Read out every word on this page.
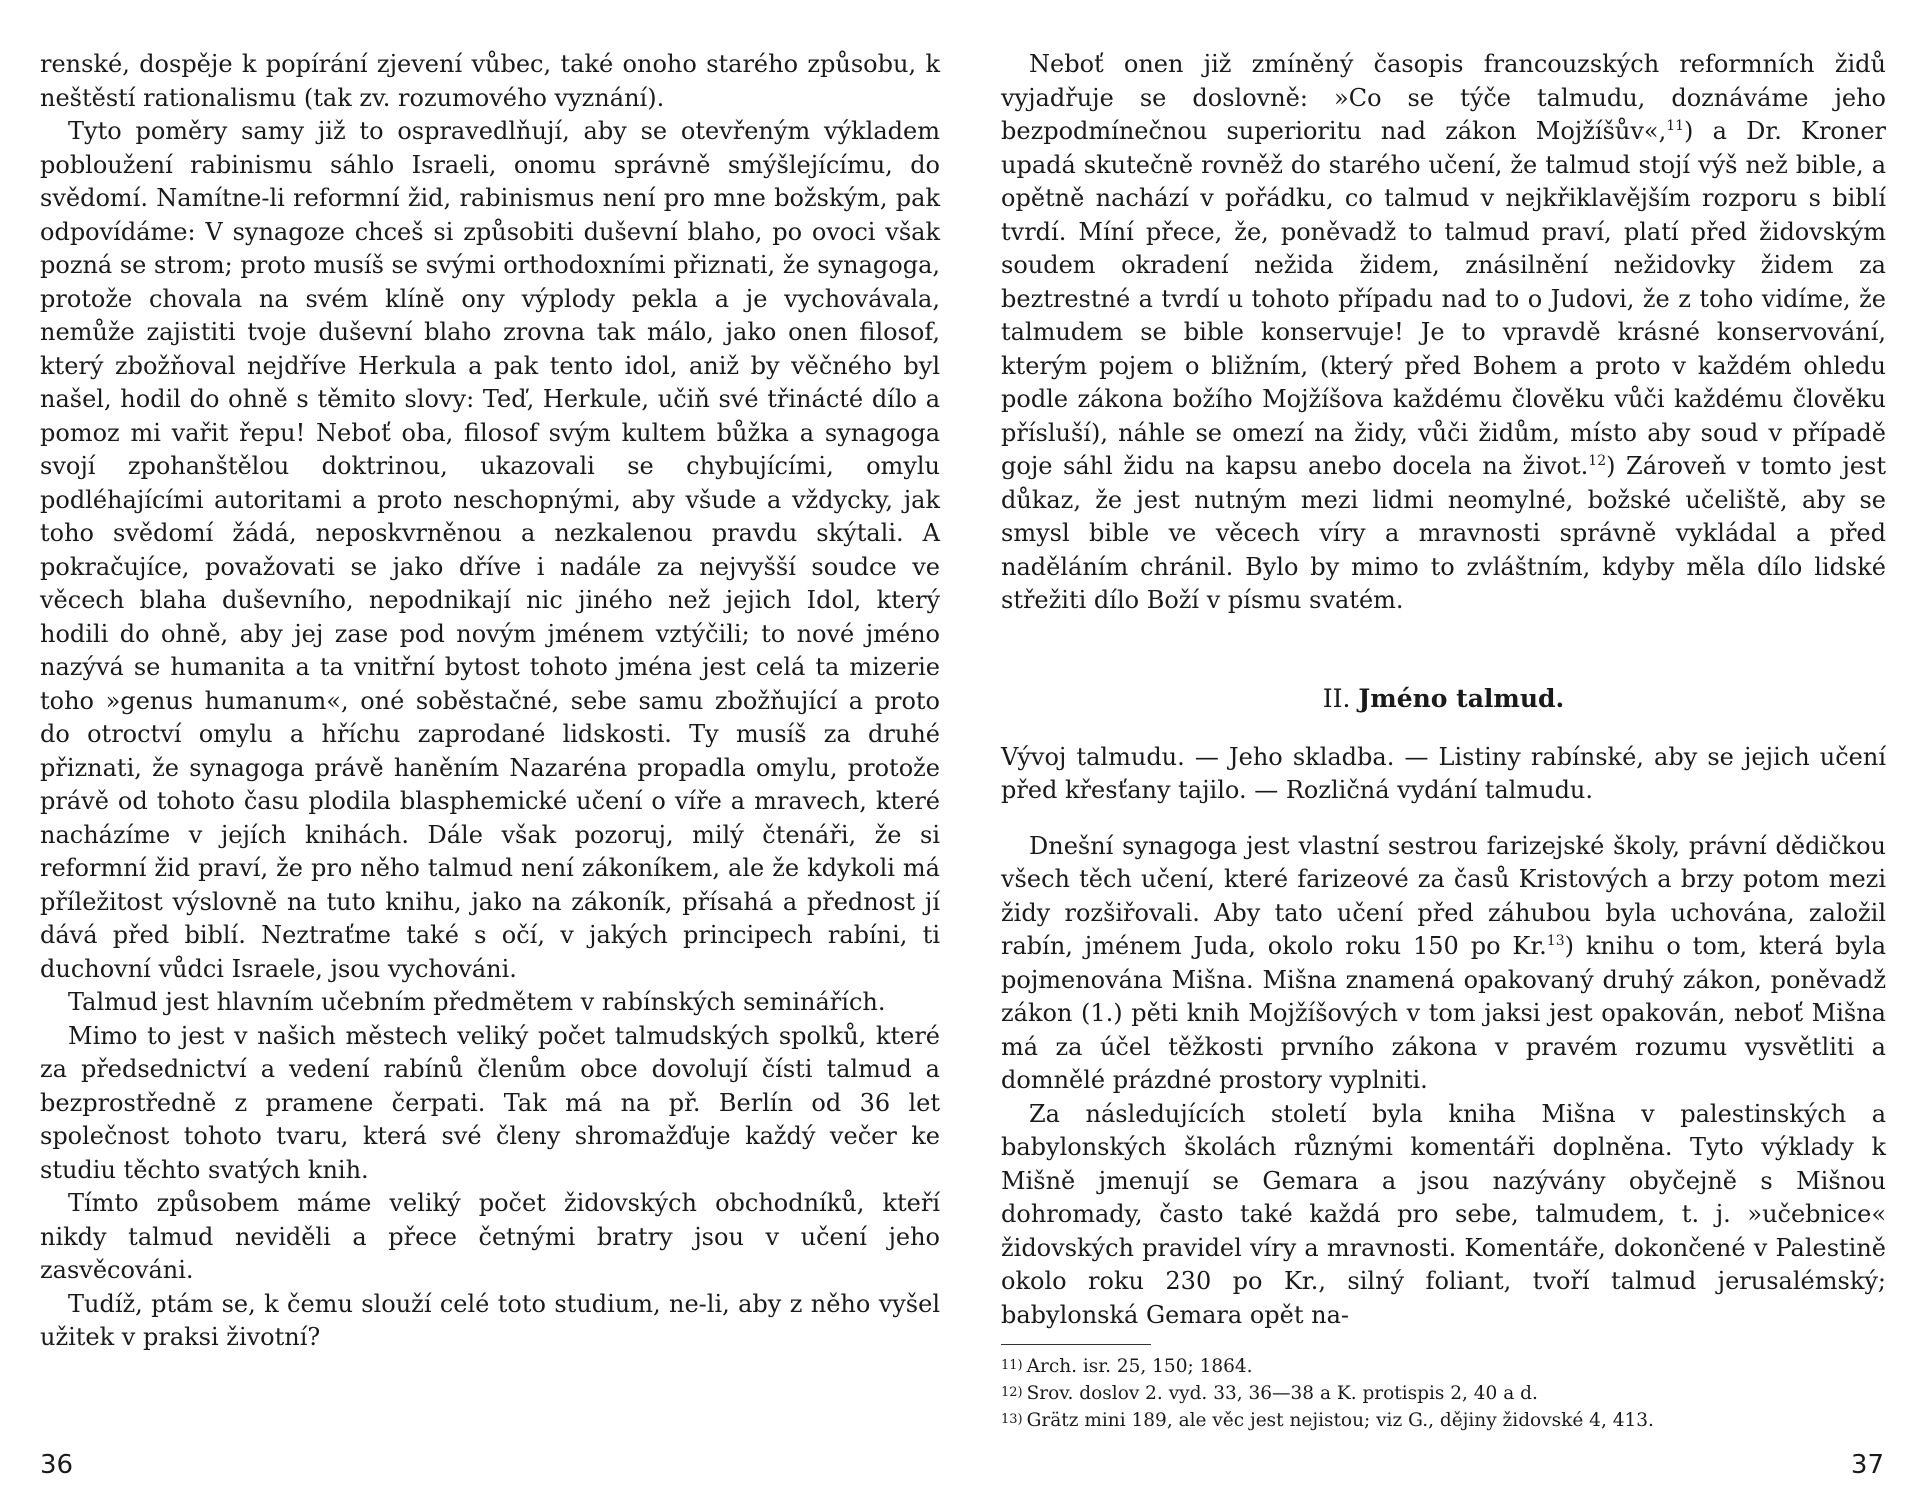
renské, dospěje k popírání zjevení vůbec, také onoho starého způsobu, k neštěstí rationalismu (tak zv. rozumového vyznání).

Tyto poměry samy již to ospravedlňují, aby se otevřeným výkladem pobloužení rabinismu sáhlo Israeli, onomu správně smýšlejícímu, do svědomí. Namítne-li reformní žid, rabinismus není pro mne božským, pak odpovídáme: V synagoze chceš si způsobiti duševní blaho, po ovoci však pozná se strom; proto musíš se svými orthodoxními přiznati, že synagoga, protože chovala na svém klíně ony výplody pekla a je vychovávala, nemůže zajistiti tvoje duševní blaho zrovna tak málo, jako onen filosof, který zbožňoval nejdříve Herkula a pak tento idol, aniž by věčného byl našel, hodil do ohně s těmito slovy: Teď, Herkule, učiň své třinácté dílo a pomoz mi vařit řepu! Neboť oba, filosof svým kultem bůžka a synagoga svojí zpohanštělou doktrinou, ukazovali se chybujícími, omylu podléhajícími autoritami a proto neschopnými, aby všude a vždycky, jak toho svědomí žádá, neposkvrněnou a nezkalenou pravdu skýtali. A pokračujíce, považovati se jako dříve i nadále za nejvyšší soudce ve věcech blaha duševního, nepodnikají nic jiného než jejich Idol, který hodili do ohně, aby jej zase pod novým jménem vztýčili; to nové jméno nazývá se humanita a ta vnitřní bytost tohoto jména jest celá ta mizerie toho »genus humanum«, oné soběstačné, sebe samu zbožňující a proto do otroctví omylu a hříchu zaprodané lidskosti. Ty musíš za druhé přiznati, že synagoga právě haněním Nazaréna propadla omylu, protože právě od tohoto času plodila blasphemické učení o víře a mravech, které nacházíme v jejích knihách. Dále však pozoruj, milý čtenáři, že si reformní žid praví, že pro něho talmud není zákoníkem, ale že kdykoli má příležitost výslovně na tuto knihu, jako na zákoník, přísahá a přednost jí dává před biblí. Neztraťme také s očí, v jakých principech rabíni, ti duchovní vůdci Israele, jsou vychováni.

Talmud jest hlavním učebním předmětem v rabínských seminářích.

Mimo to jest v našich městech veliký počet talmudských spolků, které za předsednictví a vedení rabínů členům obce dovolují čísti talmud a bezprostředně z pramene čerpati. Tak má na př. Berlín od 36 let společnost tohoto tvaru, která své členy shromažďuje každý večer ke studiu těchto svatých knih.

Tímto způsobem máme veliký počet židovských obchodníků, kteří nikdy talmud neviděli a přece četnými bratry jsou v učení jeho zasvěcováni.

Tudíž, ptám se, k čemu slouží celé toto studium, ne-li, aby z něho vyšel užitek v praksi životní?

36

Neboť onen již zmíněný časopis francouzských reformních židů vyjadřuje se doslovně: »Co se týče talmudu, doznáváme jeho bezpodmínečnou superioritu nad zákon Mojžíšův«,$^{11}$) a Dr. Kroner upadá skutečně rovněž do starého učení, že talmud stojí výš než bible, a opětně nachází v pořádku, co talmud v nejkřiklavějším rozporu s biblí tvrdí. Míní přece, že, poněvadž to talmud praví, platí před židovským soudem okradení nežida židem, znásilnění nežidovky židem za beztrestné a tvrdí u tohoto případu nad to o Judovi, že z toho vidíme, že talmudem se bible konservuje! Je to vpravdě krásné konservování, kterým pojem o bližním, (který před Bohem a proto v každém ohledu podle zákona božího Mojžíšova každému člověku vůči každému člověku přísluší), náhle se omezí na židy, vůči židům, místo aby soud v případě goje sáhl židu na kapsu anebo docela na život.$^{12}$) Zároveň v tomto jest důkaz, že jest nutným mezi lidmi neomylné, božské učeliště, aby se smysl bible ve věcech víry a mravnosti správně vykládal a před naděláním chránil. Bylo by mimo to zvláštním, kdyby měla dílo lidské střežiti dílo Boží v písmu svatém.

II. Jméno talmud.

Vývoj talmudu. — Jeho skladba. — Listiny rabínské, aby se jejich učení před křesťany tajilo. — Rozličná vydání talmudu.

Dnešní synagoga jest vlastní sestrou farizejské školy, právní dědičkou všech těch učení, které farizeové za časů Kristových a brzy potom mezi židy rozšiřovali. Aby tato učení před záhubou byla uchována, založil rabín, jménem Juda, okolo roku 150 po Kr.$^{13}$) knihu o tom, která byla pojmenována Mišna. Mišna znamená opakovaný druhý zákon, poněvadž zákon (1.) pěti knih Mojžíšových v tom jaksi jest opakován, neboť Mišna má za účel těžkosti prvního zákona v pravém rozumu vysvětliti a domnělé prázdné prostory vyplniti.

Za následujících století byla kniha Mišna v palestinských a babylonských školách různými komentáři doplněna. Tyto výklady k Mišně jmenují se Gemara a jsou nazývány obyčejně s Mišnou dohromady, často také každá pro sebe, talmudem, t. j. »učebnice« židovských pravidel víry a mravnosti. Komentáře, dokončené v Palestině okolo roku 230 po Kr., silný foliant, tvoří talmud jerusalémský; babylonská Gemara opět na-

11) Arch. isr. 25, 150; 1864.
12) Srov. doslov 2. vyd. 33, 36—38 a K. protispis 2, 40 a d.
13) Grätz mini 189, ale věc jest nejistou; viz G., dějiny židovské 4, 413.
37
